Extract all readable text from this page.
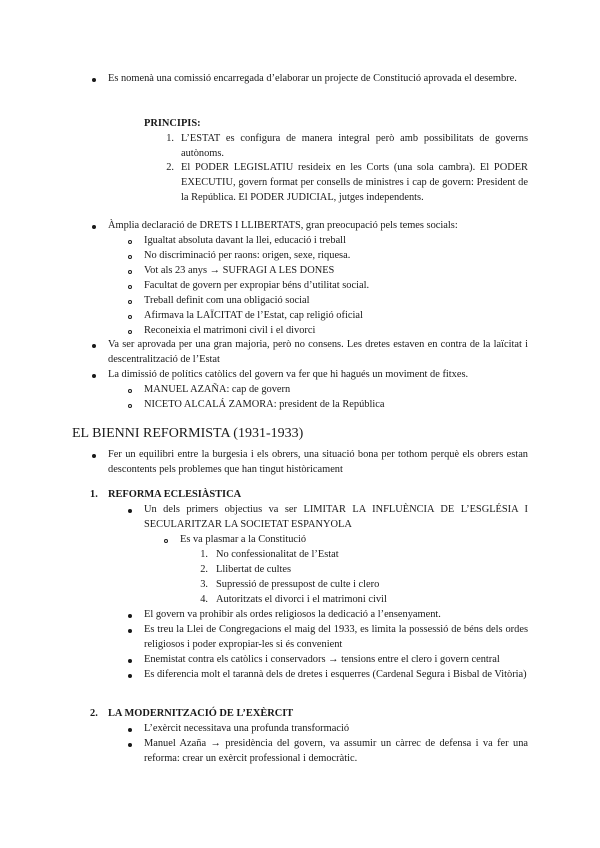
Es nomenà una comissió encarregada d’elaborar un projecte de Constitució aprovada el desembre.
PRINCIPIS:
1. L’ESTAT es configura de manera integral però amb possibilitats de governs autònoms.
2. El PODER LEGISLATIU resideix en les Corts (una sola cambra). El PODER EXECUTIU, govern format per consells de ministres i cap de govern: President de la República. El PODER JUDICIAL, jutges independents.
Àmplia declaració de DRETS I LLIBERTATS, gran preocupació pels temes socials:
Igualtat absoluta davant la llei, educació i treball
No discriminació per raons: origen, sexe, riquesa.
Vot als 23 anys → SUFRAGI A LES DONES
Facultat de govern per expropiar béns d’utilitat social.
Treball definit com una obligació social
Afirmava la LAÏCITAT de l’Estat, cap religió oficial
Reconeixia el matrimoni civil i el divorci
Va ser aprovada per una gran majoria, però no consens. Les dretes estaven en contra de la laïcitat i descentralització de l’Estat
La dimissió de polítics catòlics del govern va fer que hi hagués un moviment de fitxes.
MANUEL AZAÑA: cap de govern
NICETO ALCALÁ ZAMORA: president de la República
EL BIENNI REFORMISTA (1931-1933)
Fer un equilibri entre la burgesia i els obrers, una situació bona per tothom perquè els obrers estan descontents pels problemes que han tingut històricament
1. REFORMA ECLESIÀSTICA
Un dels primers objectius va ser LIMITAR LA INFLUÈNCIA DE L’ESGLÉSIA I SECULARITZAR LA SOCIETAT ESPANYOLA
Es va plasmar a la Constitució
1. No confessionalitat de l’Estat
2. Llibertat de cultes
3. Supressió de pressupost de culte i clero
4. Autoritzats el divorci i el matrimoni civil
El govern va prohibir als ordes religiosos la dedicació a l’ensenyament.
Es treu la Llei de Congregacions el maig del 1933, es limita la possessió de béns dels ordes religiosos i poder expropiar-les si és convenient
Enemistat contra els catòlics i conservadors → tensions entre el clero i govern central
Es diferencia molt el tarannà dels de dretes i esquerres (Cardenal Segura i Bisbal de Vitòria)
2. LA MODERNITZACIÓ DE L’EXÈRCIT
L’exèrcit necessitava una profunda transformació
Manuel Azaña → presidència del govern, va assumir un càrrec de defensa i va fer una reforma: crear un exèrcit professional i democràtic.
